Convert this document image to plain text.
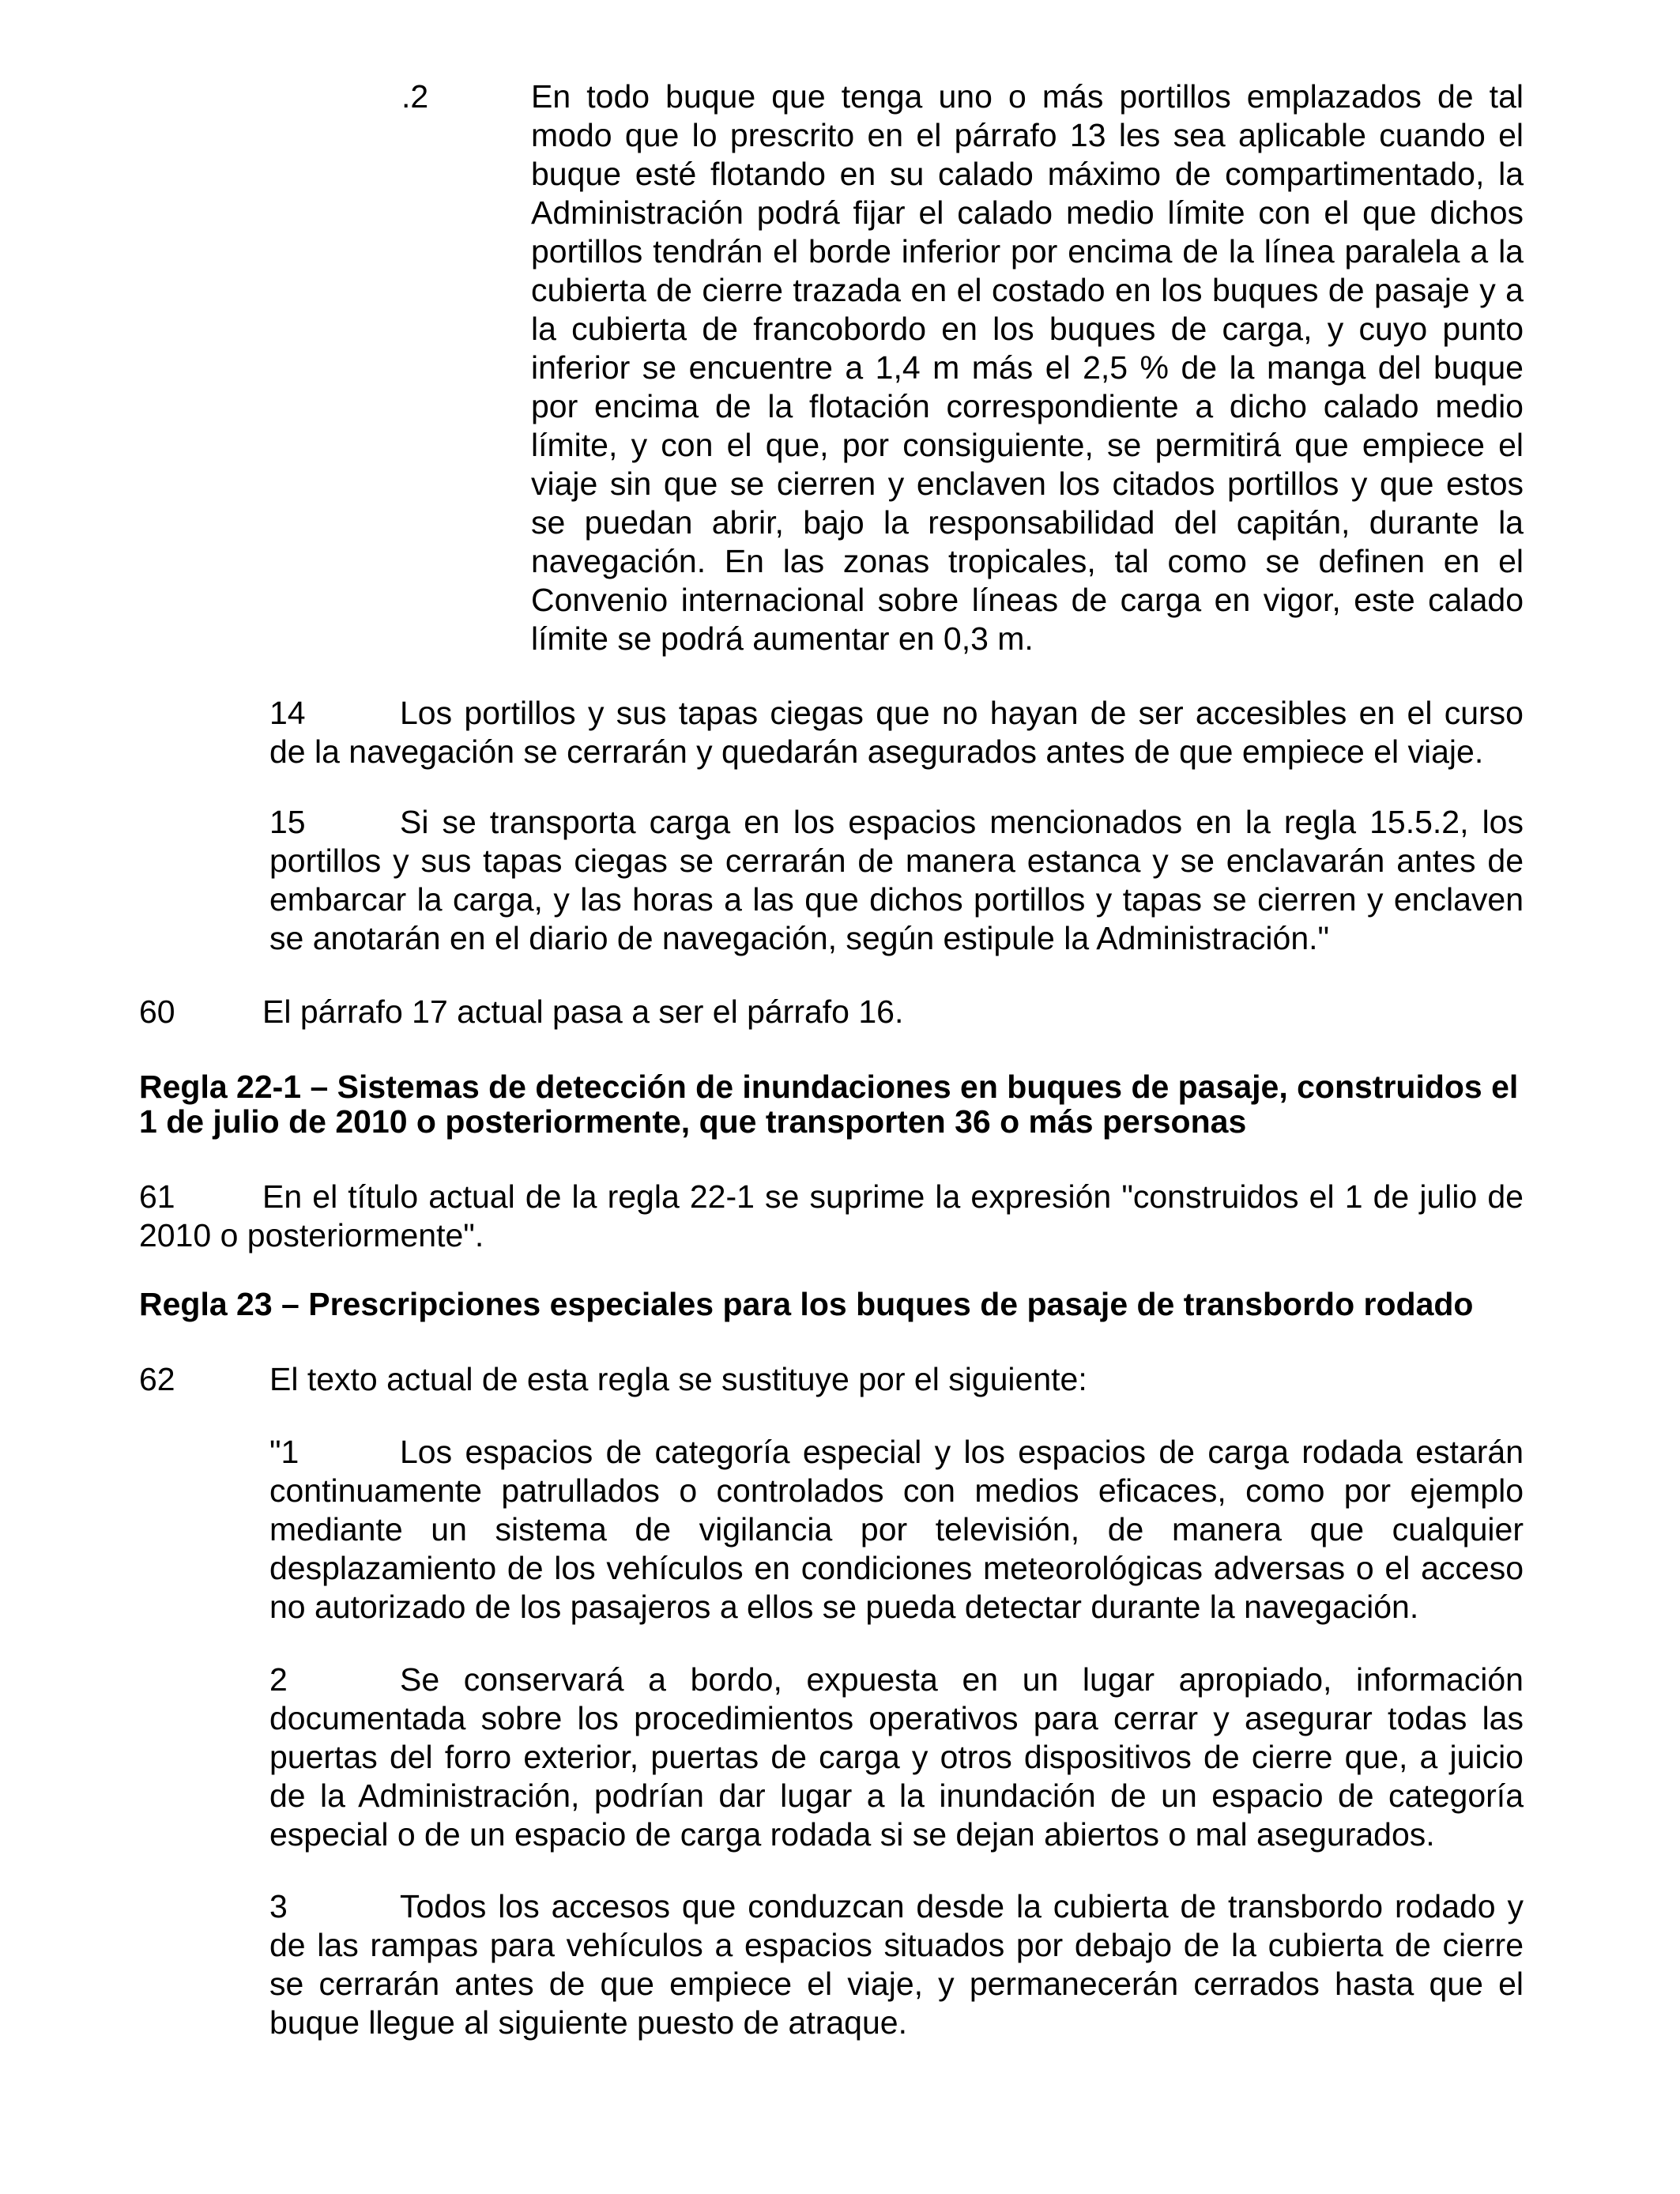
.2	En todo buque que tenga uno o más portillos emplazados de tal modo que lo prescrito en el párrafo 13 les sea aplicable cuando el buque esté flotando en su calado máximo de compartimentado, la Administración podrá fijar el calado medio límite con el que dichos portillos tendrán el borde inferior por encima de la línea paralela a la cubierta de cierre trazada en el costado en los buques de pasaje y a la cubierta de francobordo en los buques de carga, y cuyo punto inferior se encuentre a 1,4 m más el 2,5 % de la manga del buque por encima de la flotación correspondiente a dicho calado medio límite, y con el que, por consiguiente, se permitirá que empiece el viaje sin que se cierren y enclaven los citados portillos y que estos se puedan abrir, bajo la responsabilidad del capitán, durante la navegación. En las zonas tropicales, tal como se definen en el Convenio internacional sobre líneas de carga en vigor, este calado límite se podrá aumentar en 0,3 m.
14	Los portillos y sus tapas ciegas que no hayan de ser accesibles en el curso de la navegación se cerrarán y quedarán asegurados antes de que empiece el viaje.
15	Si se transporta carga en los espacios mencionados en la regla 15.5.2, los portillos y sus tapas ciegas se cerrarán de manera estanca y se enclavarán antes de embarcar la carga, y las horas a las que dichos portillos y tapas se cierren y enclaven se anotarán en el diario de navegación, según estipule la Administración."
60	El párrafo 17 actual pasa a ser el párrafo 16.
Regla 22-1 – Sistemas de detección de inundaciones en buques de pasaje, construidos el 1 de julio de 2010 o posteriormente, que transporten 36 o más personas
61	En el título actual de la regla 22-1 se suprime la expresión "construidos el 1 de julio de 2010 o posteriormente".
Regla 23 – Prescripciones especiales para los buques de pasaje de transbordo rodado
62	El texto actual de esta regla se sustituye por el siguiente:
"1	Los espacios de categoría especial y los espacios de carga rodada estarán continuamente patrullados o controlados con medios eficaces, como por ejemplo mediante un sistema de vigilancia por televisión, de manera que cualquier desplazamiento de los vehículos en condiciones meteorológicas adversas o el acceso no autorizado de los pasajeros a ellos se pueda detectar durante la navegación.
2	Se conservará a bordo, expuesta en un lugar apropiado, información documentada sobre los procedimientos operativos para cerrar y asegurar todas las puertas del forro exterior, puertas de carga y otros dispositivos de cierre que, a juicio de la Administración, podrían dar lugar a la inundación de un espacio de categoría especial o de un espacio de carga rodada si se dejan abiertos o mal asegurados.
3	Todos los accesos que conduzcan desde la cubierta de transbordo rodado y de las rampas para vehículos a espacios situados por debajo de la cubierta de cierre se cerrarán antes de que empiece el viaje, y permanecerán cerrados hasta que el buque llegue al siguiente puesto de atraque.
